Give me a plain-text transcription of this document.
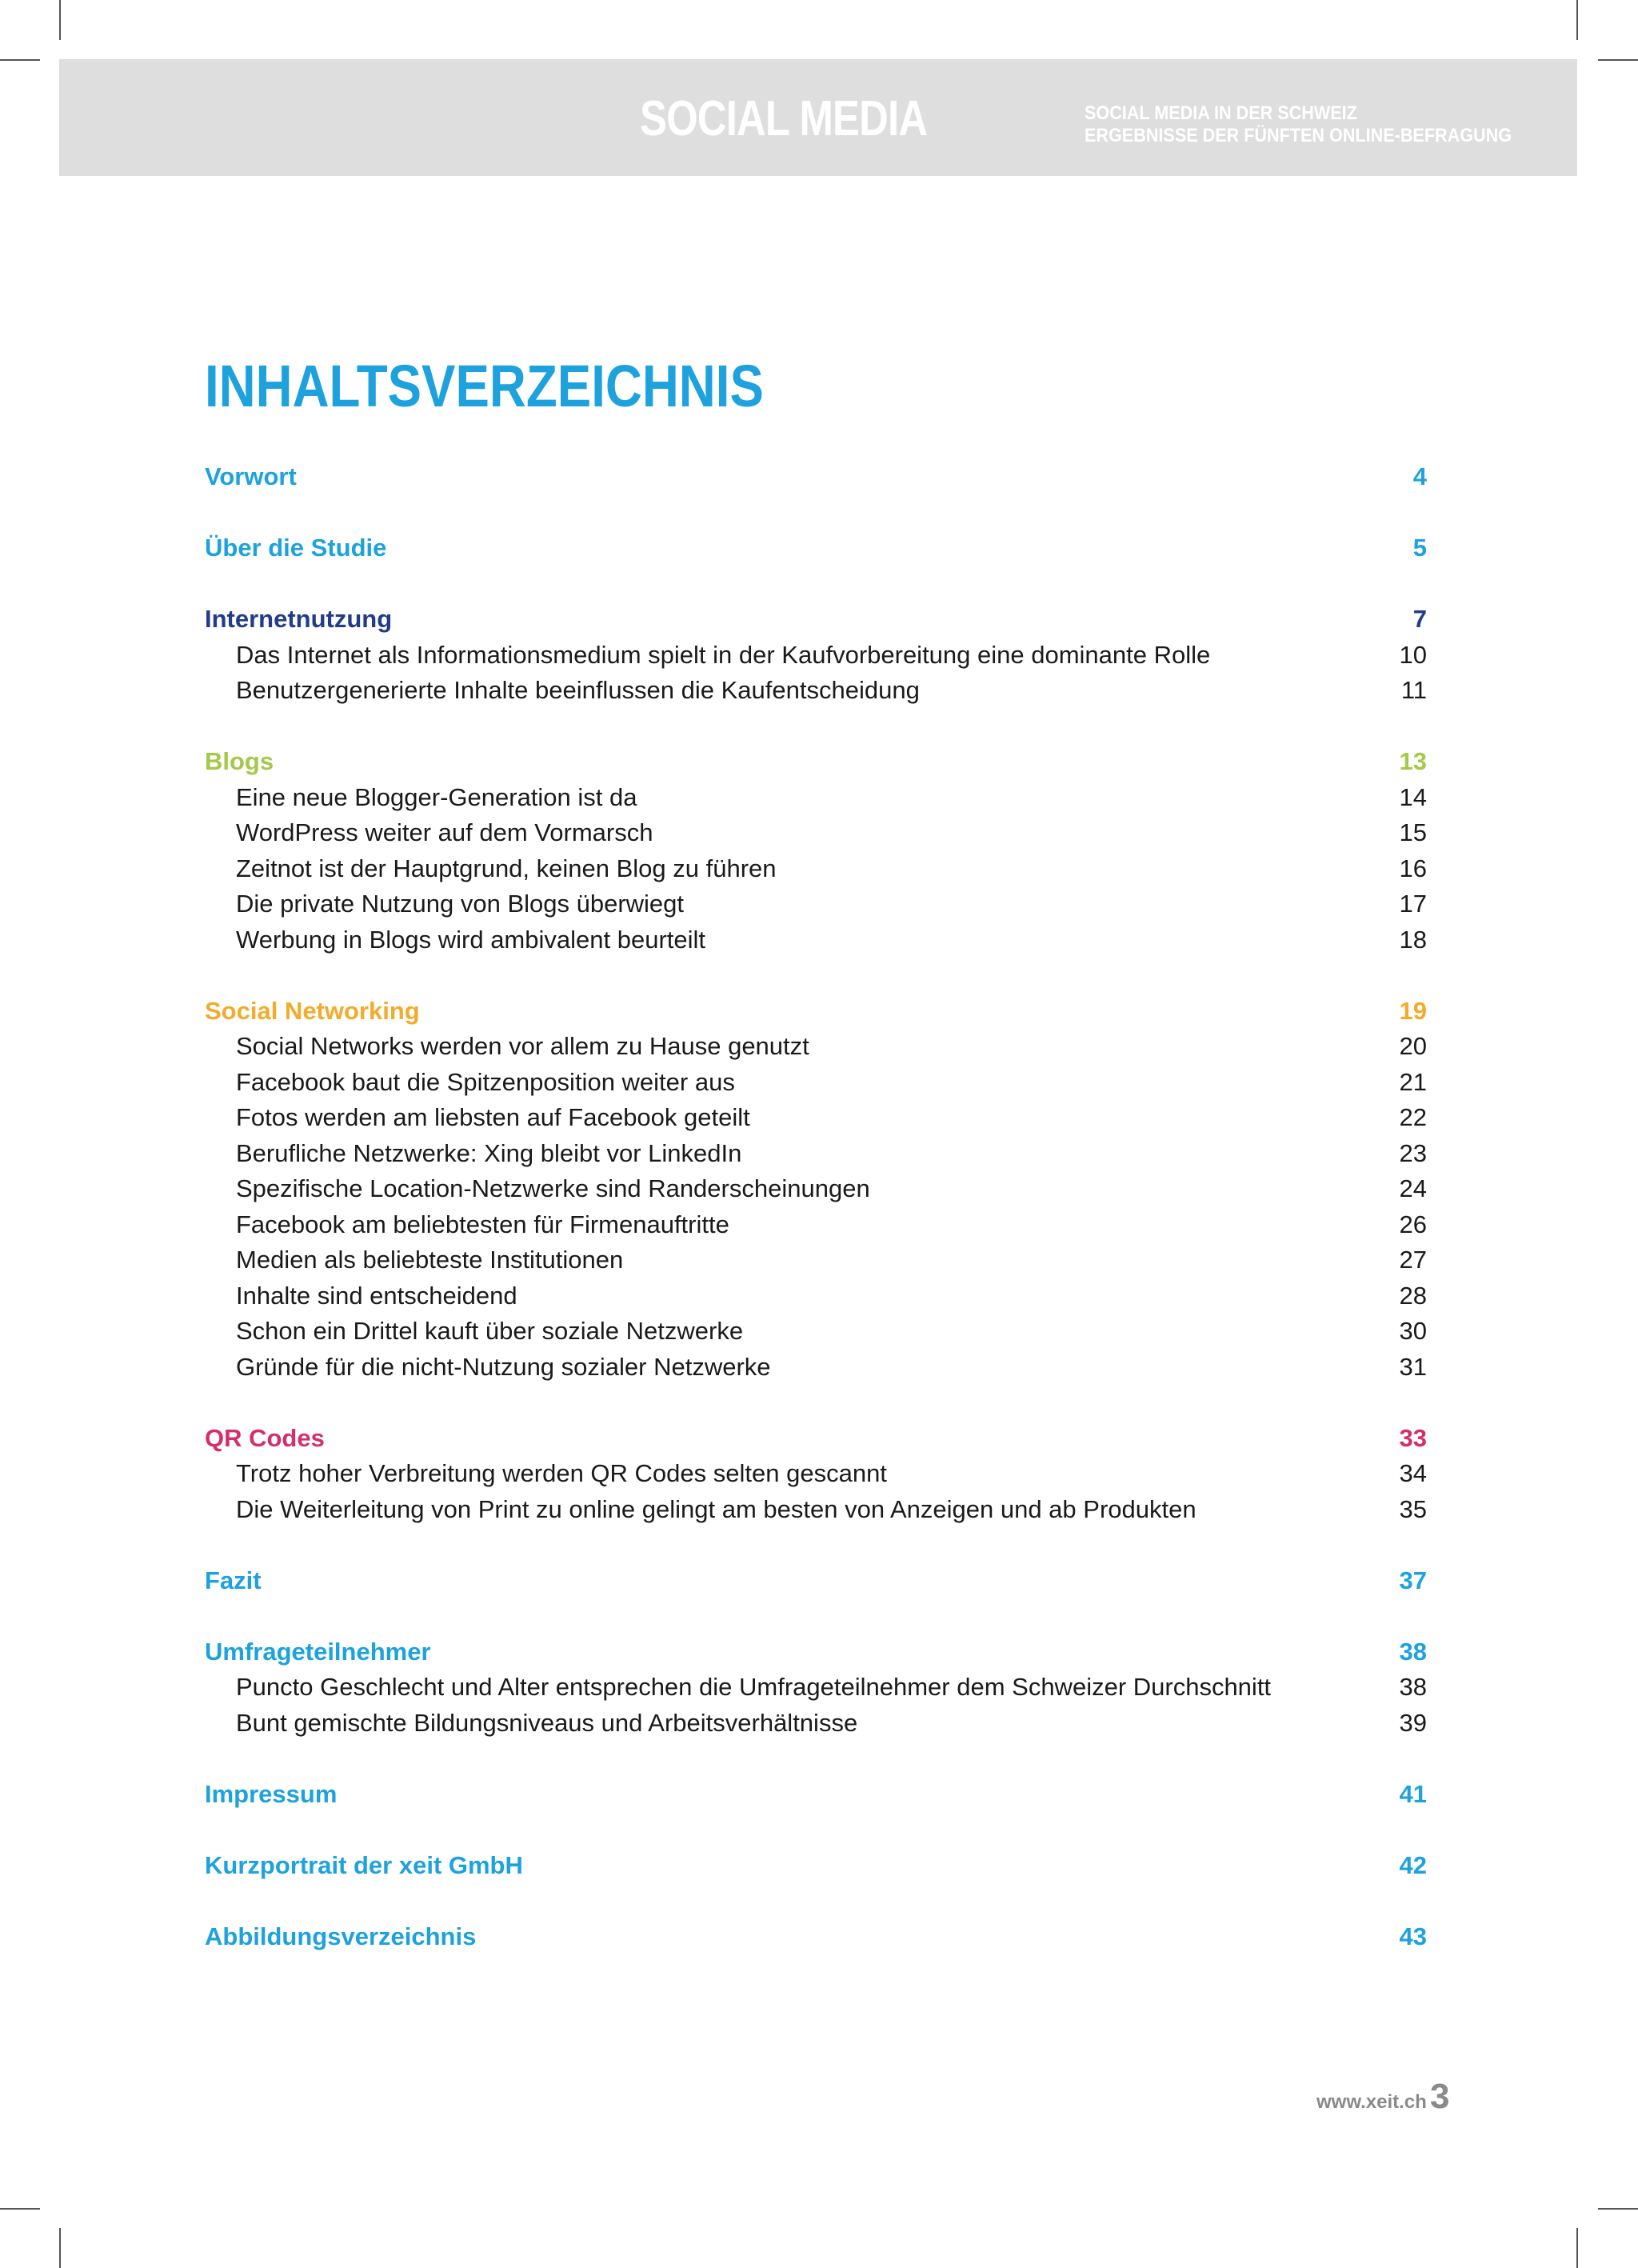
SOCIAL MEDIA	SOCIAL MEDIA IN DER SCHWEIZ
ERGEBNISSE DER FÜNFTEN ONLINE-BEFRAGUNG
INHALTSVERZEICHNIS
Vorwort	4
Über die Studie	5
Internetnutzung	7
Das Internet als Informationsmedium spielt in der Kaufvorbereitung eine dominante Rolle	10
Benutzergenerierte Inhalte beeinflussen die Kaufentscheidung	11
Blogs	13
Eine neue Blogger-Generation ist da	14
WordPress weiter auf dem Vormarsch	15
Zeitnot ist der Hauptgrund, keinen Blog zu führen	16
Die private Nutzung von Blogs überwiegt	17
Werbung in Blogs wird ambivalent beurteilt	18
Social Networking	19
Social Networks werden vor allem zu Hause genutzt	20
Facebook baut die Spitzenposition weiter aus	21
Fotos werden am liebsten auf Facebook geteilt	22
Berufliche Netzwerke: Xing bleibt vor LinkedIn	23
Spezifische Location-Netzwerke sind Randerscheinungen	24
Facebook am beliebtesten für Firmenauftritte	26
Medien als beliebteste Institutionen	27
Inhalte sind entscheidend	28
Schon ein Drittel kauft über soziale Netzwerke	30
Gründe für die nicht-Nutzung sozialer Netzwerke	31
QR Codes	33
Trotz hoher Verbreitung werden QR Codes selten gescannt	34
Die Weiterleitung von Print zu online gelingt am besten von Anzeigen und ab Produkten	35
Fazit	37
Umfrageteilnehmer	38
Puncto Geschlecht und Alter entsprechen die Umfrageteilnehmer dem Schweizer Durchschnitt	38
Bunt gemischte Bildungsniveaus und Arbeitsverhältnisse	39
Impressum	41
Kurzportrait der xeit GmbH	42
Abbildungsverzeichnis	43
www.xeit.ch 3
